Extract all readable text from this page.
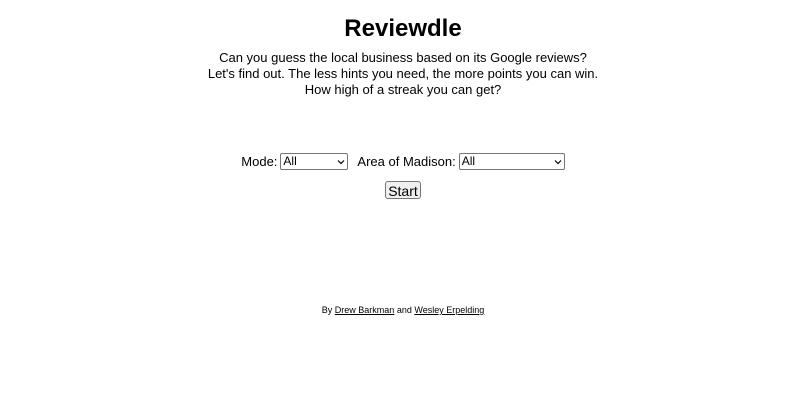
Reviewdle
Can you guess the local business based on its Google reviews?
Let's find out. The less hints you need, the more points you can win.
How high of a streak you can get?
Mode: All	Area of Madison: All
Start
By Drew Barkman and Wesley Erpelding
